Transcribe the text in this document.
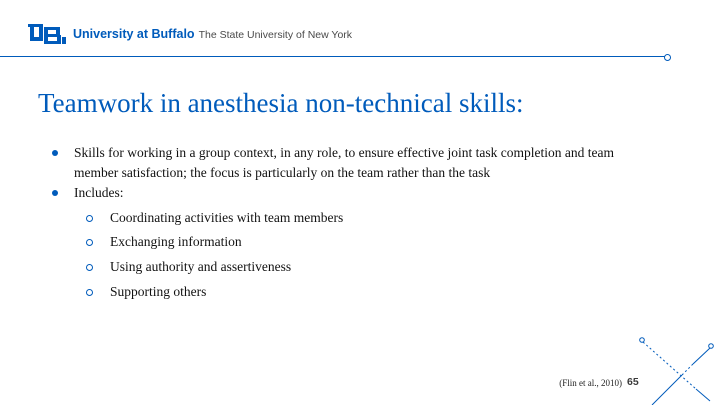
University at Buffalo The State University of New York
Teamwork in anesthesia non-technical skills:
Skills for working in a group context, in any role, to ensure effective joint task completion and team member satisfaction; the focus is particularly on the team rather than the task
Includes:
Coordinating activities with team members
Exchanging information
Using authority and assertiveness
Supporting others
(Flin et al., 2010) 65
